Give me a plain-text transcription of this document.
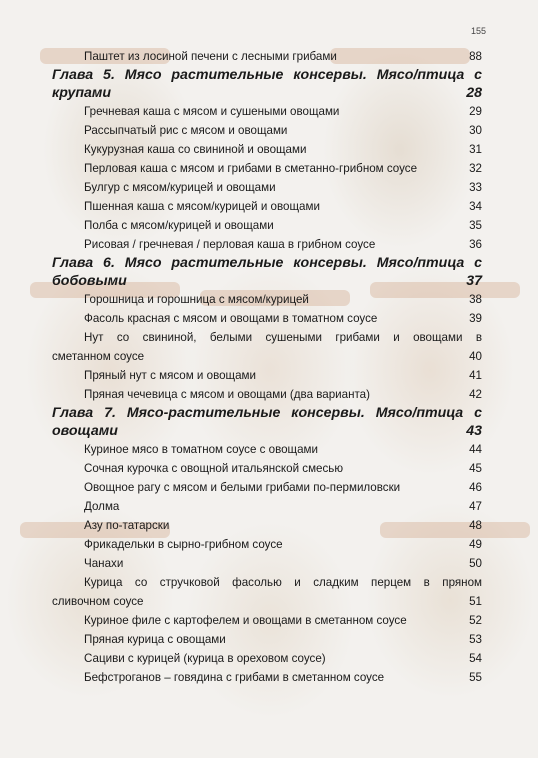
155
Паштет из лосиной печени с лесными грибами	88
Глава 5. Мясо растительные консервы. Мясо/птица с
крупами	28
Гречневая каша с мясом и сушеными овощами	29
Рассыпчатый рис с мясом и овощами	30
Кукурузная каша со свининой и овощами	31
Перловая каша с мясом и грибами в сметанно-грибном соусе	32
Булгур с мясом/курицей и овощами	33
Пшенная каша с мясом/курицей и овощами	34
Полба с мясом/курицей и овощами	35
Рисовая / гречневая / перловая каша в грибном соусе	36
Глава 6. Мясо растительные консервы. Мясо/птица с
бобовыми	37
Горошница и горошница с мясом/курицей	38
Фасоль красная с мясом и овощами в томатном соусе	39
Нут со свининой, белыми сушеными грибами и овощами в
сметанном соусе	40
Пряный нут с мясом и овощами	41
Пряная чечевица с мясом и овощами (два варианта)	42
Глава 7. Мясо-растительные консервы. Мясо/птица с
овощами	43
Куриное мясо в томатном соусе с овощами	44
Сочная курочка с овощной итальянской смесью	45
Овощное рагу с мясом и белыми грибами по-пермиловски	46
Долма	47
Азу по-татарски	48
Фрикадельки в сырно-грибном соусе	49
Чанахи	50
Курица со стручковой фасолью и сладким перцем в пряном
сливочном соусе	51
Куриное филе с картофелем и овощами в сметанном соусе	52
Пряная курица с овощами	53
Сациви с курицей (курица в ореховом соусе)	54
Бефстроганов – говядина с грибами в сметанном соусе	55
